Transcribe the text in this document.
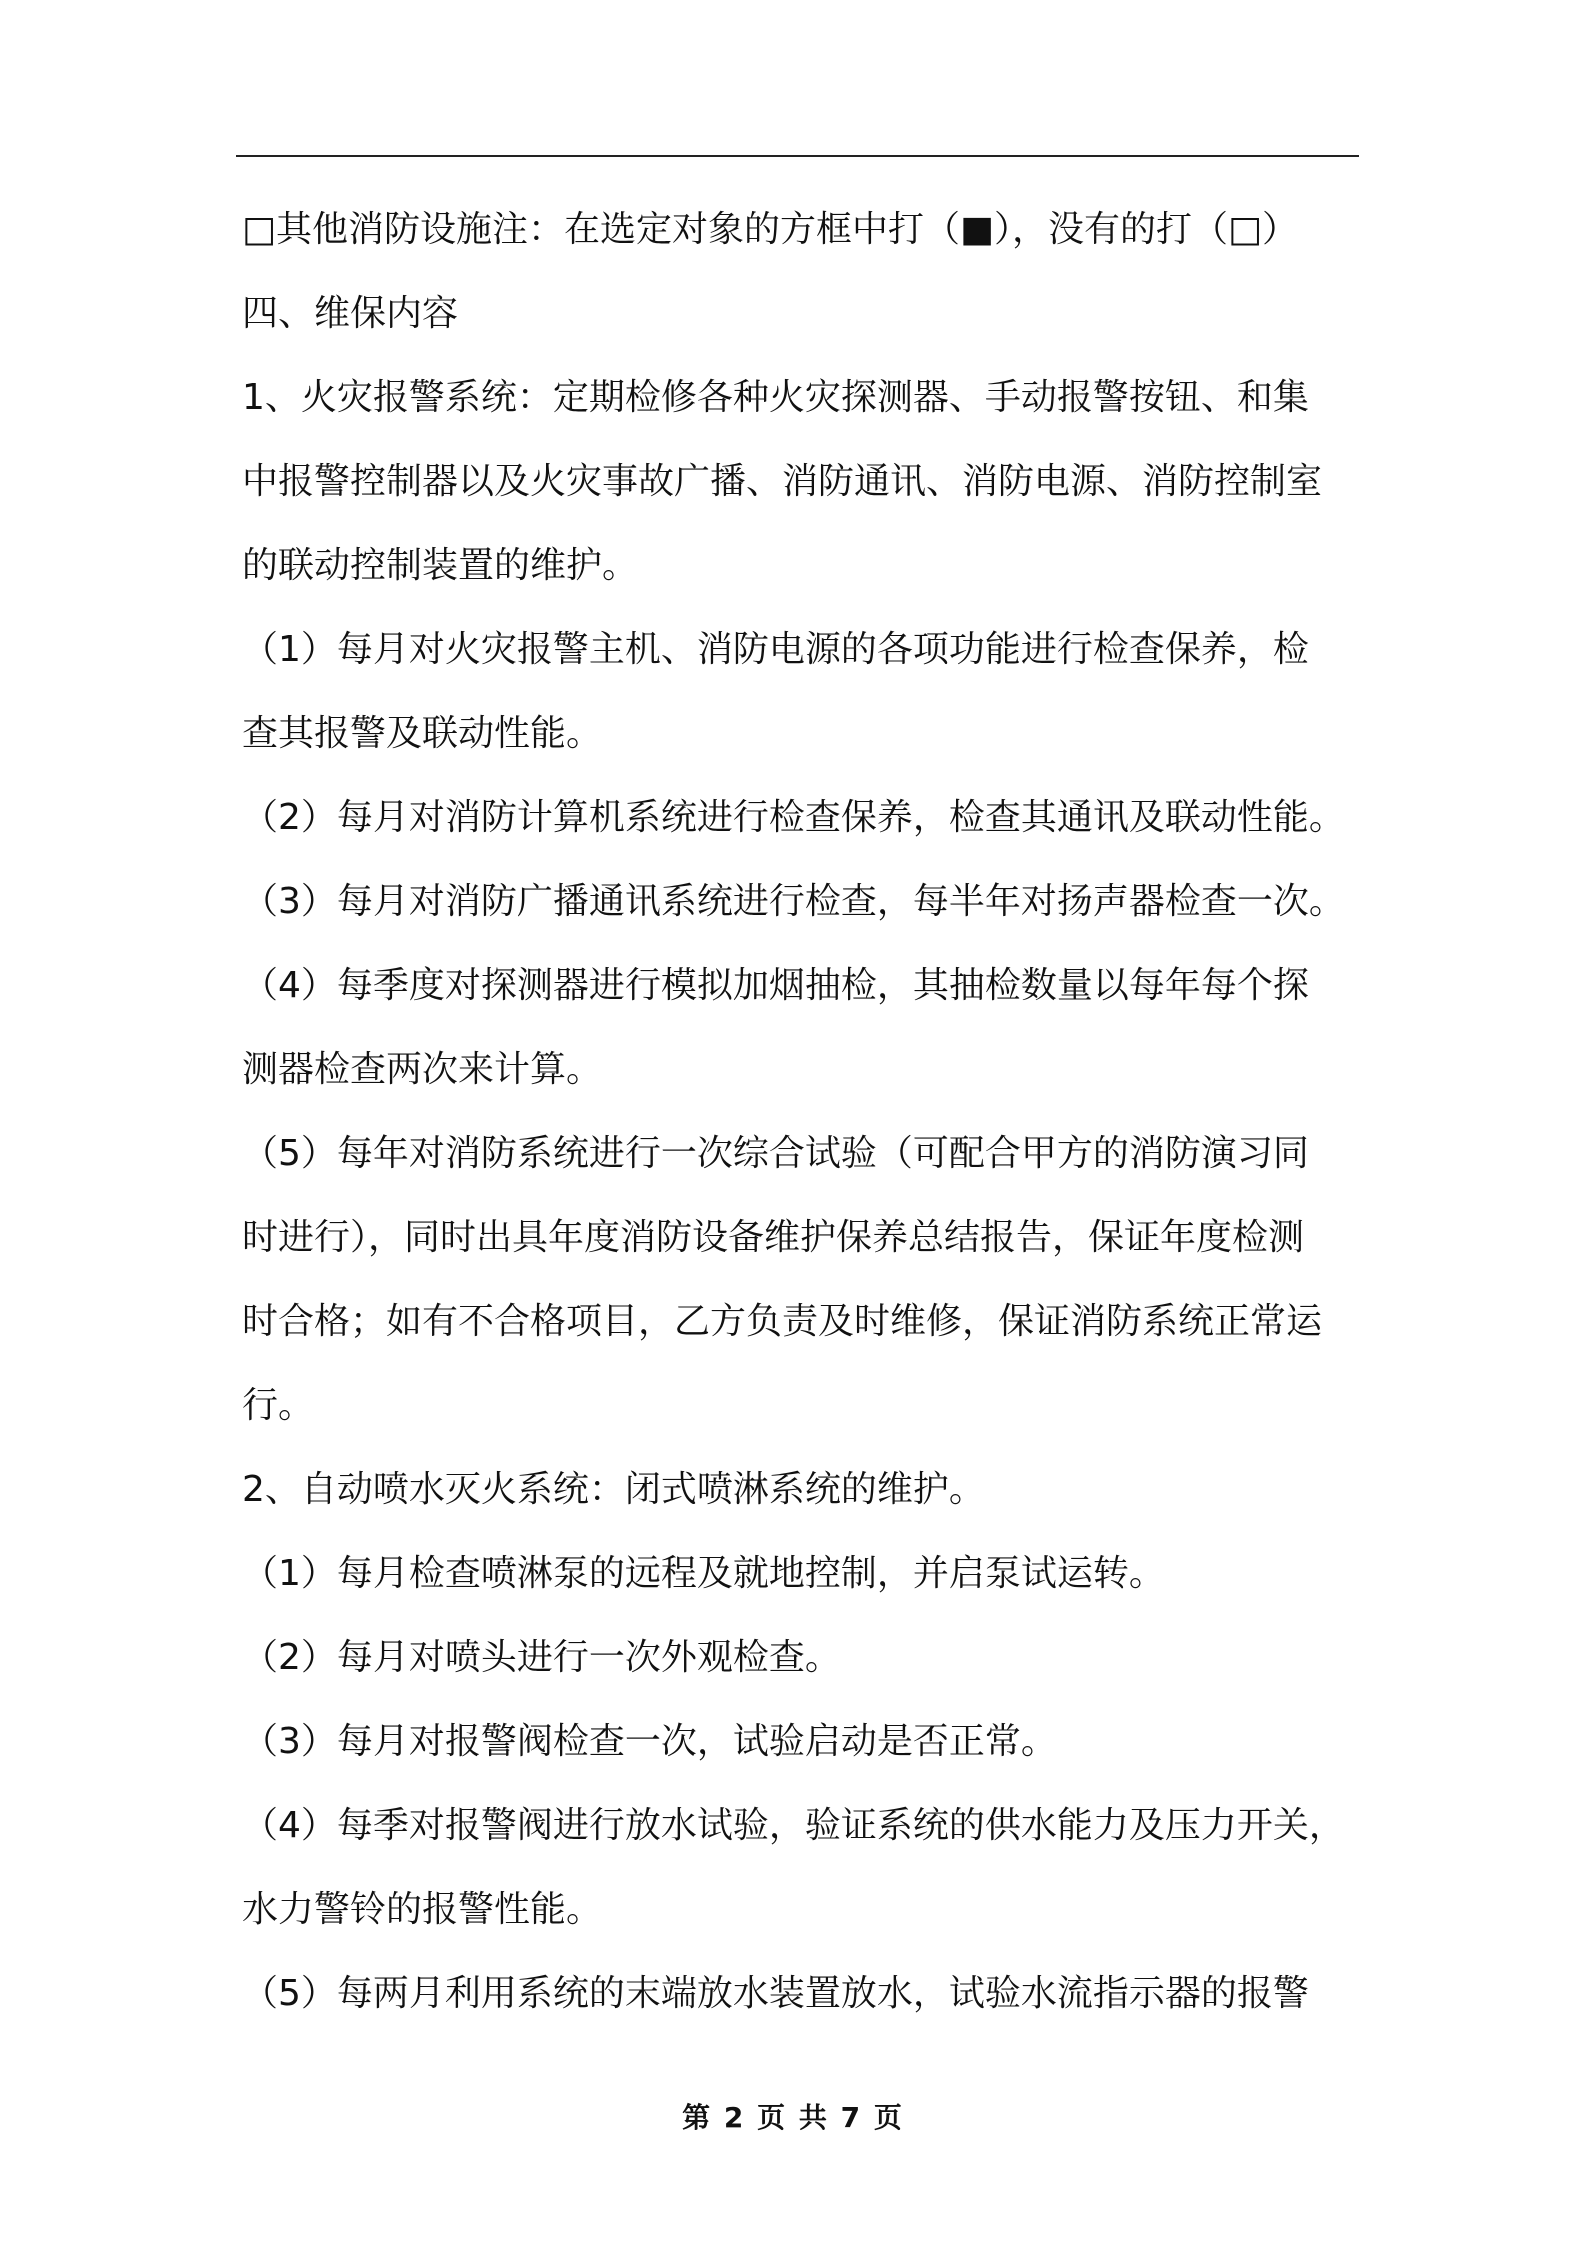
□其他消防设施注：在选定对象的方框中打（■），没有的打（□）
四、维保内容
1、火灾报警系统：定期检修各种火灾探测器、手动报警按钮、和集
中报警控制器以及火灾事故广播、消防通讯、消防电源、消防控制室
的联动控制装置的维护。
（1）每月对火灾报警主机、消防电源的各项功能进行检查保养，检
查其报警及联动性能。
（2）每月对消防计算机系统进行检查保养，检查其通讯及联动性能。
（3）每月对消防广播通讯系统进行检查，每半年对扬声器检查一次。
（4）每季度对探测器进行模拟加烟抽检，其抽检数量以每年每个探
测器检查两次来计算。
（5）每年对消防系统进行一次综合试验（可配合甲方的消防演习同
时进行），同时出具年度消防设备维护保养总结报告，保证年度检测
时合格；如有不合格项目，乙方负责及时维修，保证消防系统正常运
行。
2、自动喷水灭火系统：闭式喷淋系统的维护。
（1）每月检查喷淋泵的远程及就地控制，并启泵试运转。
（2）每月对喷头进行一次外观检查。
（3）每月对报警阀检查一次，试验启动是否正常。
（4）每季对报警阀进行放水试验，验证系统的供水能力及压力开关，
水力警铃的报警性能。
（5）每两月利用系统的末端放水装置放水，试验水流指示器的报警
第 2 页 共 7 页
